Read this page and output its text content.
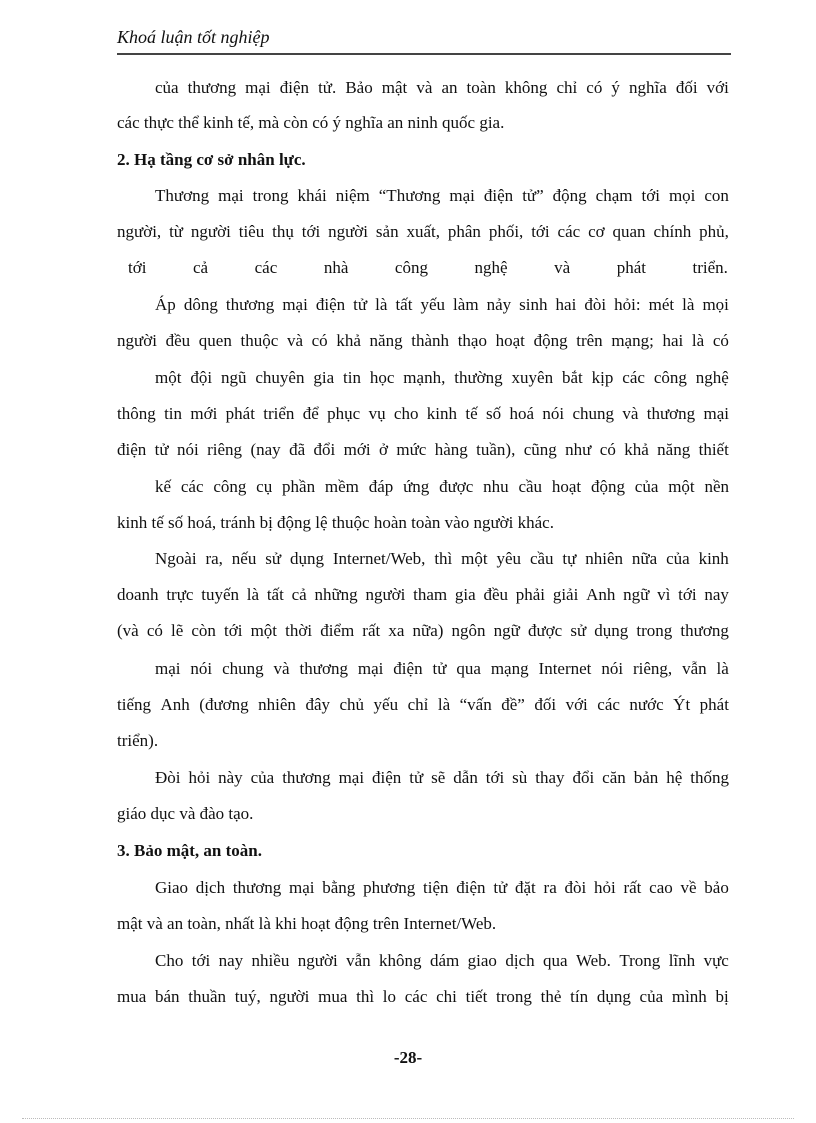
Khoá luận tốt nghiệp
của thương mại điện tử. Bảo mật và an toàn không chỉ có ý nghĩa đối với
các thực thể kinh tế, mà còn có ý nghĩa an ninh quốc gia.
2. Hạ tầng cơ sở nhân lực.
Thương mại trong khái niệm “Thương mại điện tử” động chạm tới mọi con
người, từ người tiêu thụ tới người sản xuất, phân phối, tới các cơ quan chính phủ,
tới	cả	các	nhà	công	nghệ	và	phát	triển.
Áp dông thương mại điện tử là tất yếu làm nảy sinh hai đòi hỏi: mét là mọi
người đều quen thuộc và có khả năng thành thạo hoạt động trên mạng; hai là có
một đội ngũ chuyên gia tin học mạnh, thường xuyên bắt kịp các công nghệ
thông tin mới phát triển để phục vụ cho kinh tế số hoá nói chung và thương mại
điện tử nói riêng (nay đã đổi mới ở mức hàng tuần), cũng như có khả năng thiết
kế các công cụ phần mềm đáp ứng được nhu cầu hoạt động của một nền
kinh tế số hoá, tránh bị động lệ thuộc hoàn toàn vào người khác.
Ngoài ra, nếu sử dụng Internet/Web, thì một yêu cầu tự nhiên nữa của kinh
doanh trực tuyến là tất cả những người tham gia đều phải giải Anh ngữ vì tới nay
(và có lẽ còn tới một thời điểm rất xa nữa) ngôn ngữ được sử dụng trong thương
mại nói chung và thương mại điện tử qua mạng Internet nói riêng, vẫn là
tiếng Anh (đương nhiên đây chủ yếu chỉ là “vấn đề” đối với các nước Ýt phát
triển).
Đòi hỏi này của thương mại điện tử sẽ dẫn tới sù thay đổi căn bản hệ thống
giáo dục và đào tạo.
3. Bảo mật, an toàn.
Giao dịch thương mại bằng phương tiện điện tử đặt ra đòi hỏi rất cao về bảo
mật và an toàn, nhất là khi hoạt động trên Internet/Web.
Cho tới nay nhiều người vẫn không dám giao dịch qua Web. Trong lĩnh vực
mua bán thuần tuý, người mua thì lo các chi tiết trong thẻ tín dụng của mình bị
-28-
